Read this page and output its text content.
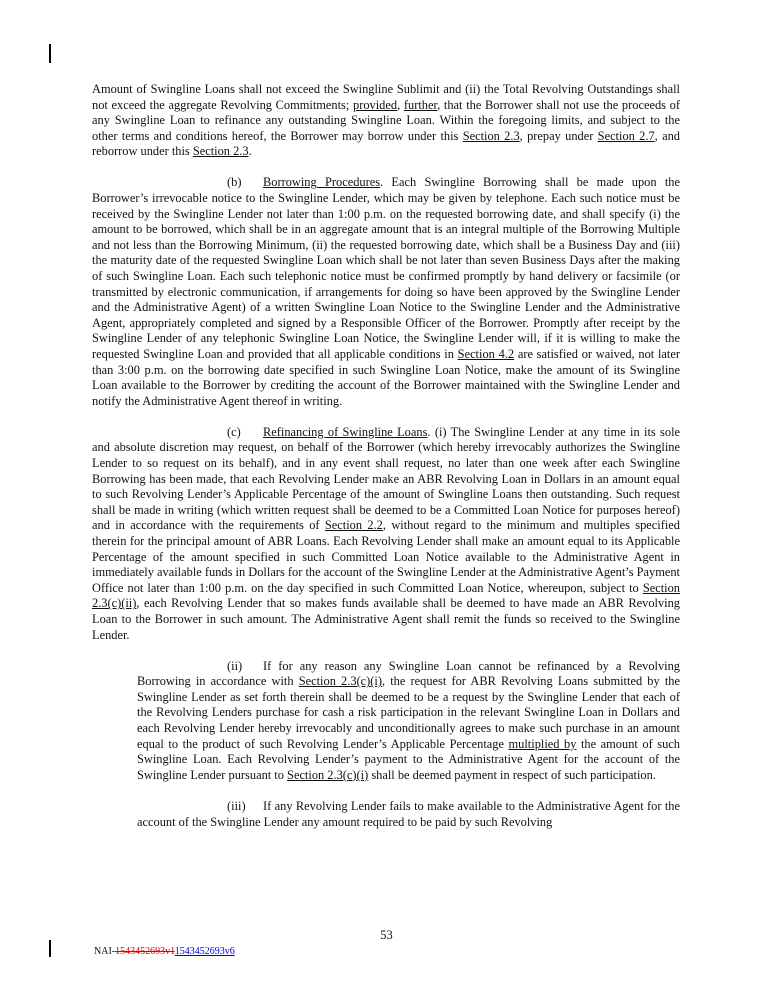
Amount of Swingline Loans shall not exceed the Swingline Sublimit and (ii) the Total Revolving Outstandings shall not exceed the aggregate Revolving Commitments; provided, further, that the Borrower shall not use the proceeds of any Swingline Loan to refinance any outstanding Swingline Loan. Within the foregoing limits, and subject to the other terms and conditions hereof, the Borrower may borrow under this Section 2.3, prepay under Section 2.7, and reborrow under this Section 2.3.

(b) Borrowing Procedures. Each Swingline Borrowing shall be made upon the Borrower’s irrevocable notice to the Swingline Lender, which may be given by telephone. Each such notice must be received by the Swingline Lender not later than 1:00 p.m. on the requested borrowing date, and shall specify (i) the amount to be borrowed, which shall be in an aggregate amount that is an integral multiple of the Borrowing Multiple and not less than the Borrowing Minimum, (ii) the requested borrowing date, which shall be a Business Day and (iii) the maturity date of the requested Swingline Loan which shall be not later than seven Business Days after the making of such Swingline Loan. Each such telephonic notice must be confirmed promptly by hand delivery or facsimile (or transmitted by electronic communication, if arrangements for doing so have been approved by the Swingline Lender and the Administrative Agent) of a written Swingline Loan Notice to the Swingline Lender and the Administrative Agent, appropriately completed and signed by a Responsible Officer of the Borrower. Promptly after receipt by the Swingline Lender of any telephonic Swingline Loan Notice, the Swingline Lender will, if it is willing to make the requested Swingline Loan and provided that all applicable conditions in Section 4.2 are satisfied or waived, not later than 3:00 p.m. on the borrowing date specified in such Swingline Loan Notice, make the amount of its Swingline Loan available to the Borrower by crediting the account of the Borrower maintained with the Swingline Lender and notify the Administrative Agent thereof in writing.

(c) Refinancing of Swingline Loans. (i) The Swingline Lender at any time in its sole and absolute discretion may request, on behalf of the Borrower (which hereby irrevocably authorizes the Swingline Lender to so request on its behalf), and in any event shall request, no later than one week after each Swingline Borrowing has been made, that each Revolving Lender make an ABR Revolving Loan in Dollars in an amount equal to such Revolving Lender’s Applicable Percentage of the amount of Swingline Loans then outstanding. Such request shall be made in writing (which written request shall be deemed to be a Committed Loan Notice for purposes hereof) and in accordance with the requirements of Section 2.2, without regard to the minimum and multiples specified therein for the principal amount of ABR Loans. Each Revolving Lender shall make an amount equal to its Applicable Percentage of the amount specified in such Committed Loan Notice available to the Administrative Agent in immediately available funds in Dollars for the account of the Swingline Lender at the Administrative Agent’s Payment Office not later than 1:00 p.m. on the day specified in such Committed Loan Notice, whereupon, subject to Section 2.3(c)(ii), each Revolving Lender that so makes funds available shall be deemed to have made an ABR Revolving Loan to the Borrower in such amount. The Administrative Agent shall remit the funds so received to the Swingline Lender.

(ii) If for any reason any Swingline Loan cannot be refinanced by a Revolving Borrowing in accordance with Section 2.3(c)(i), the request for ABR Revolving Loans submitted by the Swingline Lender as set forth therein shall be deemed to be a request by the Swingline Lender that each of the Revolving Lenders purchase for cash a risk participation in the relevant Swingline Loan in Dollars and each Revolving Lender hereby irrevocably and unconditionally agrees to make such purchase in an amount equal to the product of such Revolving Lender’s Applicable Percentage multiplied by the amount of such Swingline Loan. Each Revolving Lender’s payment to the Administrative Agent for the account of the Swingline Lender pursuant to Section 2.3(c)(i) shall be deemed payment in respect of such participation.

(iii) If any Revolving Lender fails to make available to the Administrative Agent for the account of the Swingline Lender any amount required to be paid by such Revolving

53
NAI-1543452693v11543452693v6
